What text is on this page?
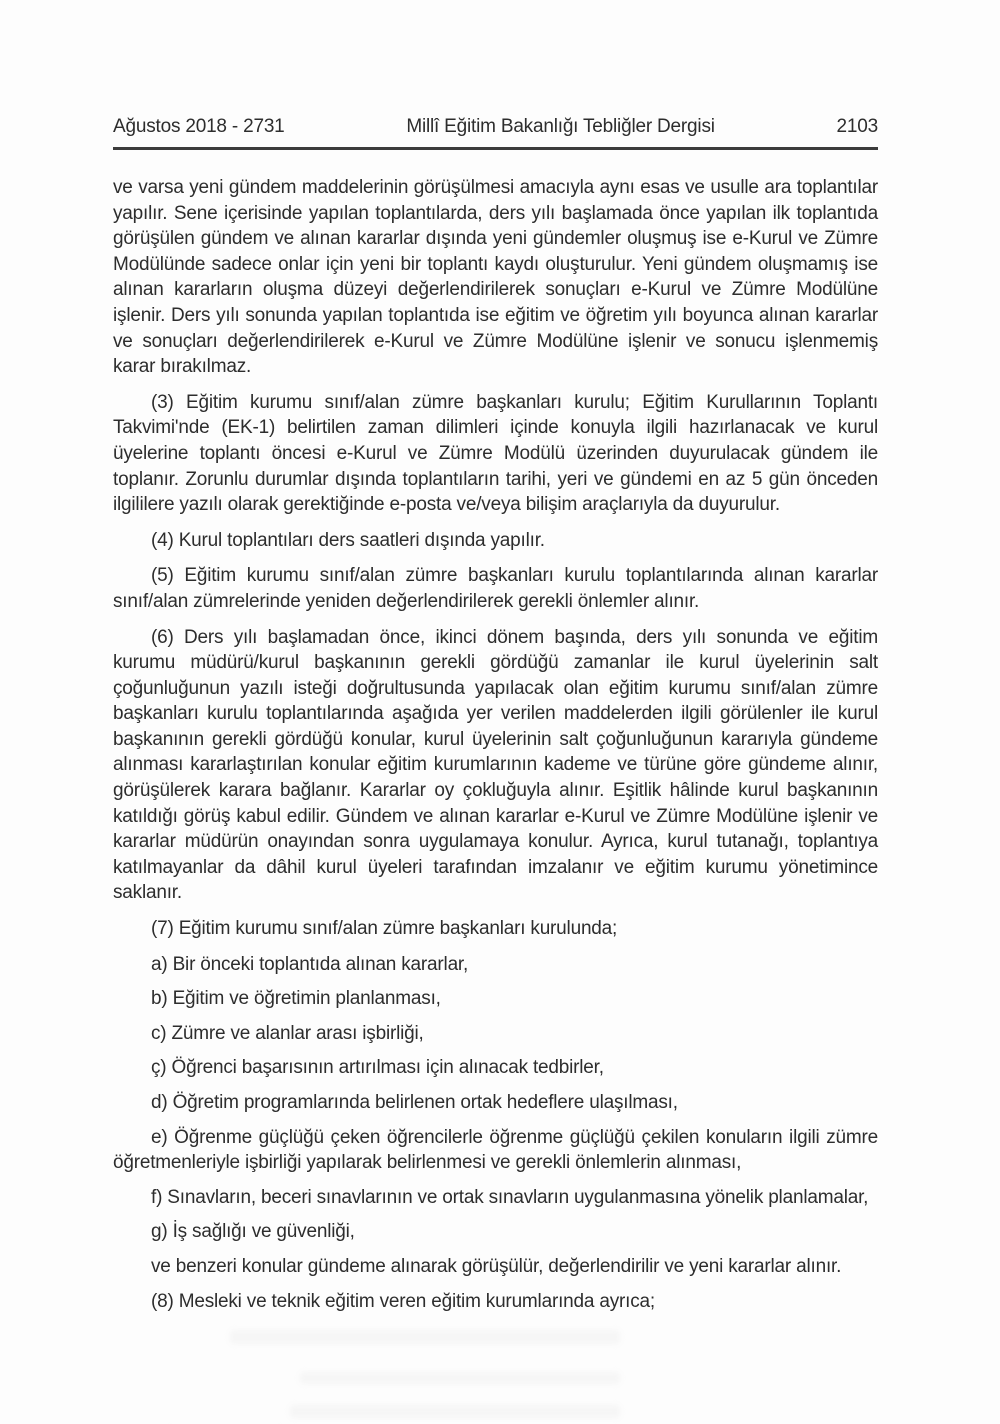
Ağustos 2018 - 2731	Millî Eğitim Bakanlığı Tebliğler Dergisi	2103

ve varsa yeni gündem maddelerinin görüşülmesi amacıyla aynı esas ve usulle ara toplantılar yapılır. Sene içerisinde yapılan toplantılarda, ders yılı başlamada önce yapılan ilk toplantıda görüşülen gündem ve alınan kararlar dışında yeni gündemler oluşmuş ise e-Kurul ve Zümre Modülünde sadece onlar için yeni bir toplantı kaydı oluşturulur. Yeni gündem oluşmamış ise alınan kararların oluşma düzeyi değerlendirilerek sonuçları e-Kurul ve Zümre Modülüne işlenir. Ders yılı sonunda yapılan toplantıda ise eğitim ve öğretim yılı boyunca alınan kararlar ve sonuçları değerlendirilerek e-Kurul ve Zümre Modülüne işlenir ve sonucu işlenmemiş karar bırakılmaz.

(3) Eğitim kurumu sınıf/alan zümre başkanları kurulu; Eğitim Kurullarının Toplantı Takvimi'nde (EK-1) belirtilen zaman dilimleri içinde konuyla ilgili hazırlanacak ve kurul üyelerine toplantı öncesi e-Kurul ve Zümre Modülü üzerinden duyurulacak gündem ile toplanır. Zorunlu durumlar dışında toplantıların tarihi, yeri ve gündemi en az 5 gün önceden ilgililere yazılı olarak gerektiğinde e-posta ve/veya bilişim araçlarıyla da duyurulur.

(4) Kurul toplantıları ders saatleri dışında yapılır.

(5) Eğitim kurumu sınıf/alan zümre başkanları kurulu toplantılarında alınan kararlar sınıf/alan zümrelerinde yeniden değerlendirilerek gerekli önlemler alınır.

(6) Ders yılı başlamadan önce, ikinci dönem başında, ders yılı sonunda ve eğitim kurumu müdürü/kurul başkanının gerekli gördüğü zamanlar ile kurul üyelerinin salt çoğunluğunun yazılı isteği doğrultusunda yapılacak olan eğitim kurumu sınıf/alan zümre başkanları kurulu toplantılarında aşağıda yer verilen maddelerden ilgili görülenler ile kurul başkanının gerekli gördüğü konular, kurul üyelerinin salt çoğunluğunun kararıyla gündeme alınması kararlaştırılan konular eğitim kurumlarının kademe ve türüne göre gündeme alınır, görüşülerek karara bağlanır. Kararlar oy çokluğuyla alınır. Eşitlik hâlinde kurul başkanının katıldığı görüş kabul edilir. Gündem ve alınan kararlar e-Kurul ve Zümre Modülüne işlenir ve kararlar müdürün onayından sonra uygulamaya konulur. Ayrıca, kurul tutanağı, toplantıya katılmayanlar da dâhil kurul üyeleri tarafından imzalanır ve eğitim kurumu yönetimince saklanır.

(7) Eğitim kurumu sınıf/alan zümre başkanları kurulunda;

a) Bir önceki toplantıda alınan kararlar,

b) Eğitim ve öğretimin planlanması,

c) Zümre ve alanlar arası işbirliği,

ç) Öğrenci başarısının artırılması için alınacak tedbirler,

d) Öğretim programlarında belirlenen ortak hedeflere ulaşılması,

e) Öğrenme güçlüğü çeken öğrencilerle öğrenme güçlüğü çekilen konuların ilgili zümre öğretmenleriyle işbirliği yapılarak belirlenmesi ve gerekli önlemlerin alınması,

f) Sınavların, beceri sınavlarının ve ortak sınavların uygulanmasına yönelik planlamalar,

g) İş sağlığı ve güvenliği,

ve benzeri konular gündeme alınarak görüşülür, değerlendirilir ve yeni kararlar alınır.

(8) Mesleki ve teknik eğitim veren eğitim kurumlarında ayrıca;
